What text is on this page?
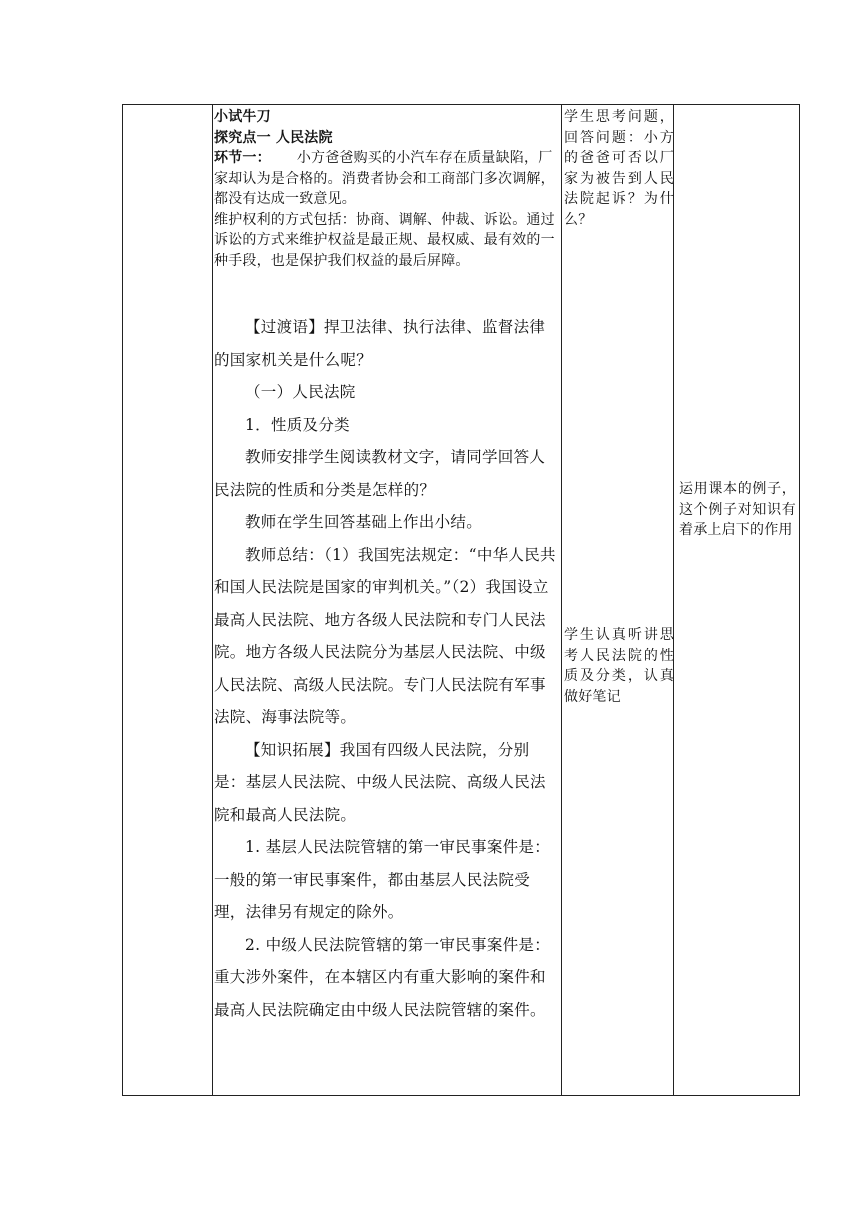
小试牛刀

探究点一 人民法院

环节一： 小方爸爸购买的小汽车存在质量缺陷，厂家却认为是合格的。消费者协会和工商部门多次调解，都没有达成一致意见。

维护权利的方式包括：协商、调解、仲裁、诉讼。通过诉讼的方式来维护权益是最正规、最权威、最有效的一种手段，也是保护我们权益的最后屏障。

【过渡语】捍卫法律、执行法律、监督法律的国家机关是什么呢？

（一）人民法院

1．性质及分类

教师安排学生阅读教材文字，请同学回答人民法院的性质和分类是怎样的？

教师在学生回答基础上作出小结。

教师总结：（1）我国宪法规定：“中华人民共和国人民法院是国家的审判机关。”（2）我国设立最高人民法院、地方各级人民法院和专门人民法院。地方各级人民法院分为基层人民法院、中级人民法院、高级人民法院。专门人民法院有军事法院、海事法院等。

【知识拓展】我国有四级人民法院，分别是：基层人民法院、中级人民法院、高级人民法院和最高人民法院。

1. 基层人民法院管辖的第一审民事案件是：一般的第一审民事案件，都由基层人民法院受理，法律另有规定的除外。

2. 中级人民法院管辖的第一审民事案件是：重大涉外案件，在本辖区内有重大影响的案件和最高人民法院确定由中级人民法院管辖的案件。

学生思考问题，回答问题：小方的爸爸可否以厂家为被告到人民法院起诉？为什么？
学生认真听讲思考人民法院的性质及分类，认真做好笔记
运用课本的例子，这个例子对知识有着承上启下的作用
